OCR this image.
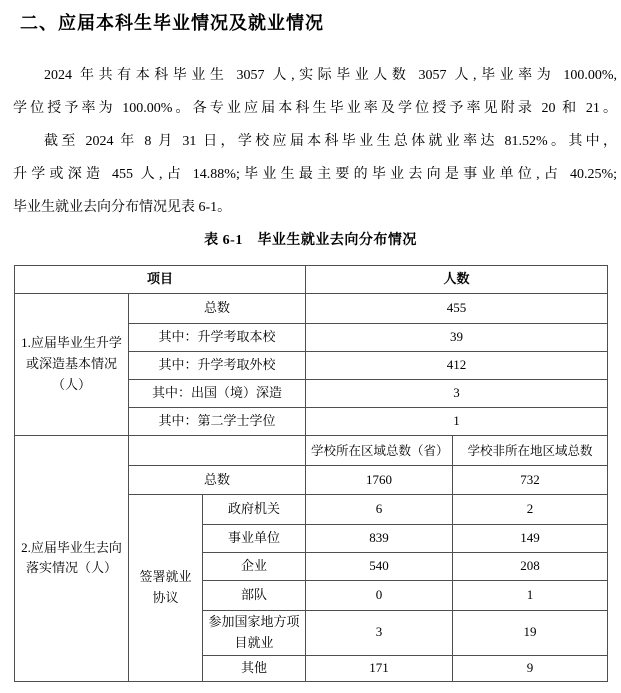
二、应届本科生毕业情况及就业情况
2024 年共有本科毕业生 3057 人,实际毕业人数 3057 人,毕业率为 100.00%,
学位授予率为 100.00%。各专业应届本科生毕业率及学位授予率见附录 20 和 21。
截至 2024 年 8 月 31 日，学校应届本科毕业生总体就业率达 81.52%。其中，
升学或深造 455 人,占 14.88%;毕业生最主要的毕业去向是事业单位,占 40.25%;
毕业生就业去向分布情况见表 6-1。
表 6-1　毕业生就业去向分布情况
项目			人数	
1.应届毕业生升学或深造基本情况（人）	总数		455	
	其中：升学考取本校		39	
	其中：升学考取外校		412	
	其中：出国（境）深造		3	
	其中：第二学士学位		1	
2.应届毕业生去向落实情况（人）			学校所在区域总数（省）	学校非所在地区域总数
	总数		1760	732
	签署就业协议	政府机关	6	2
		事业单位	839	149
		企业	540	208
		部队	0	1
		参加国家地方项目就业	3	19
		其他	171	9
